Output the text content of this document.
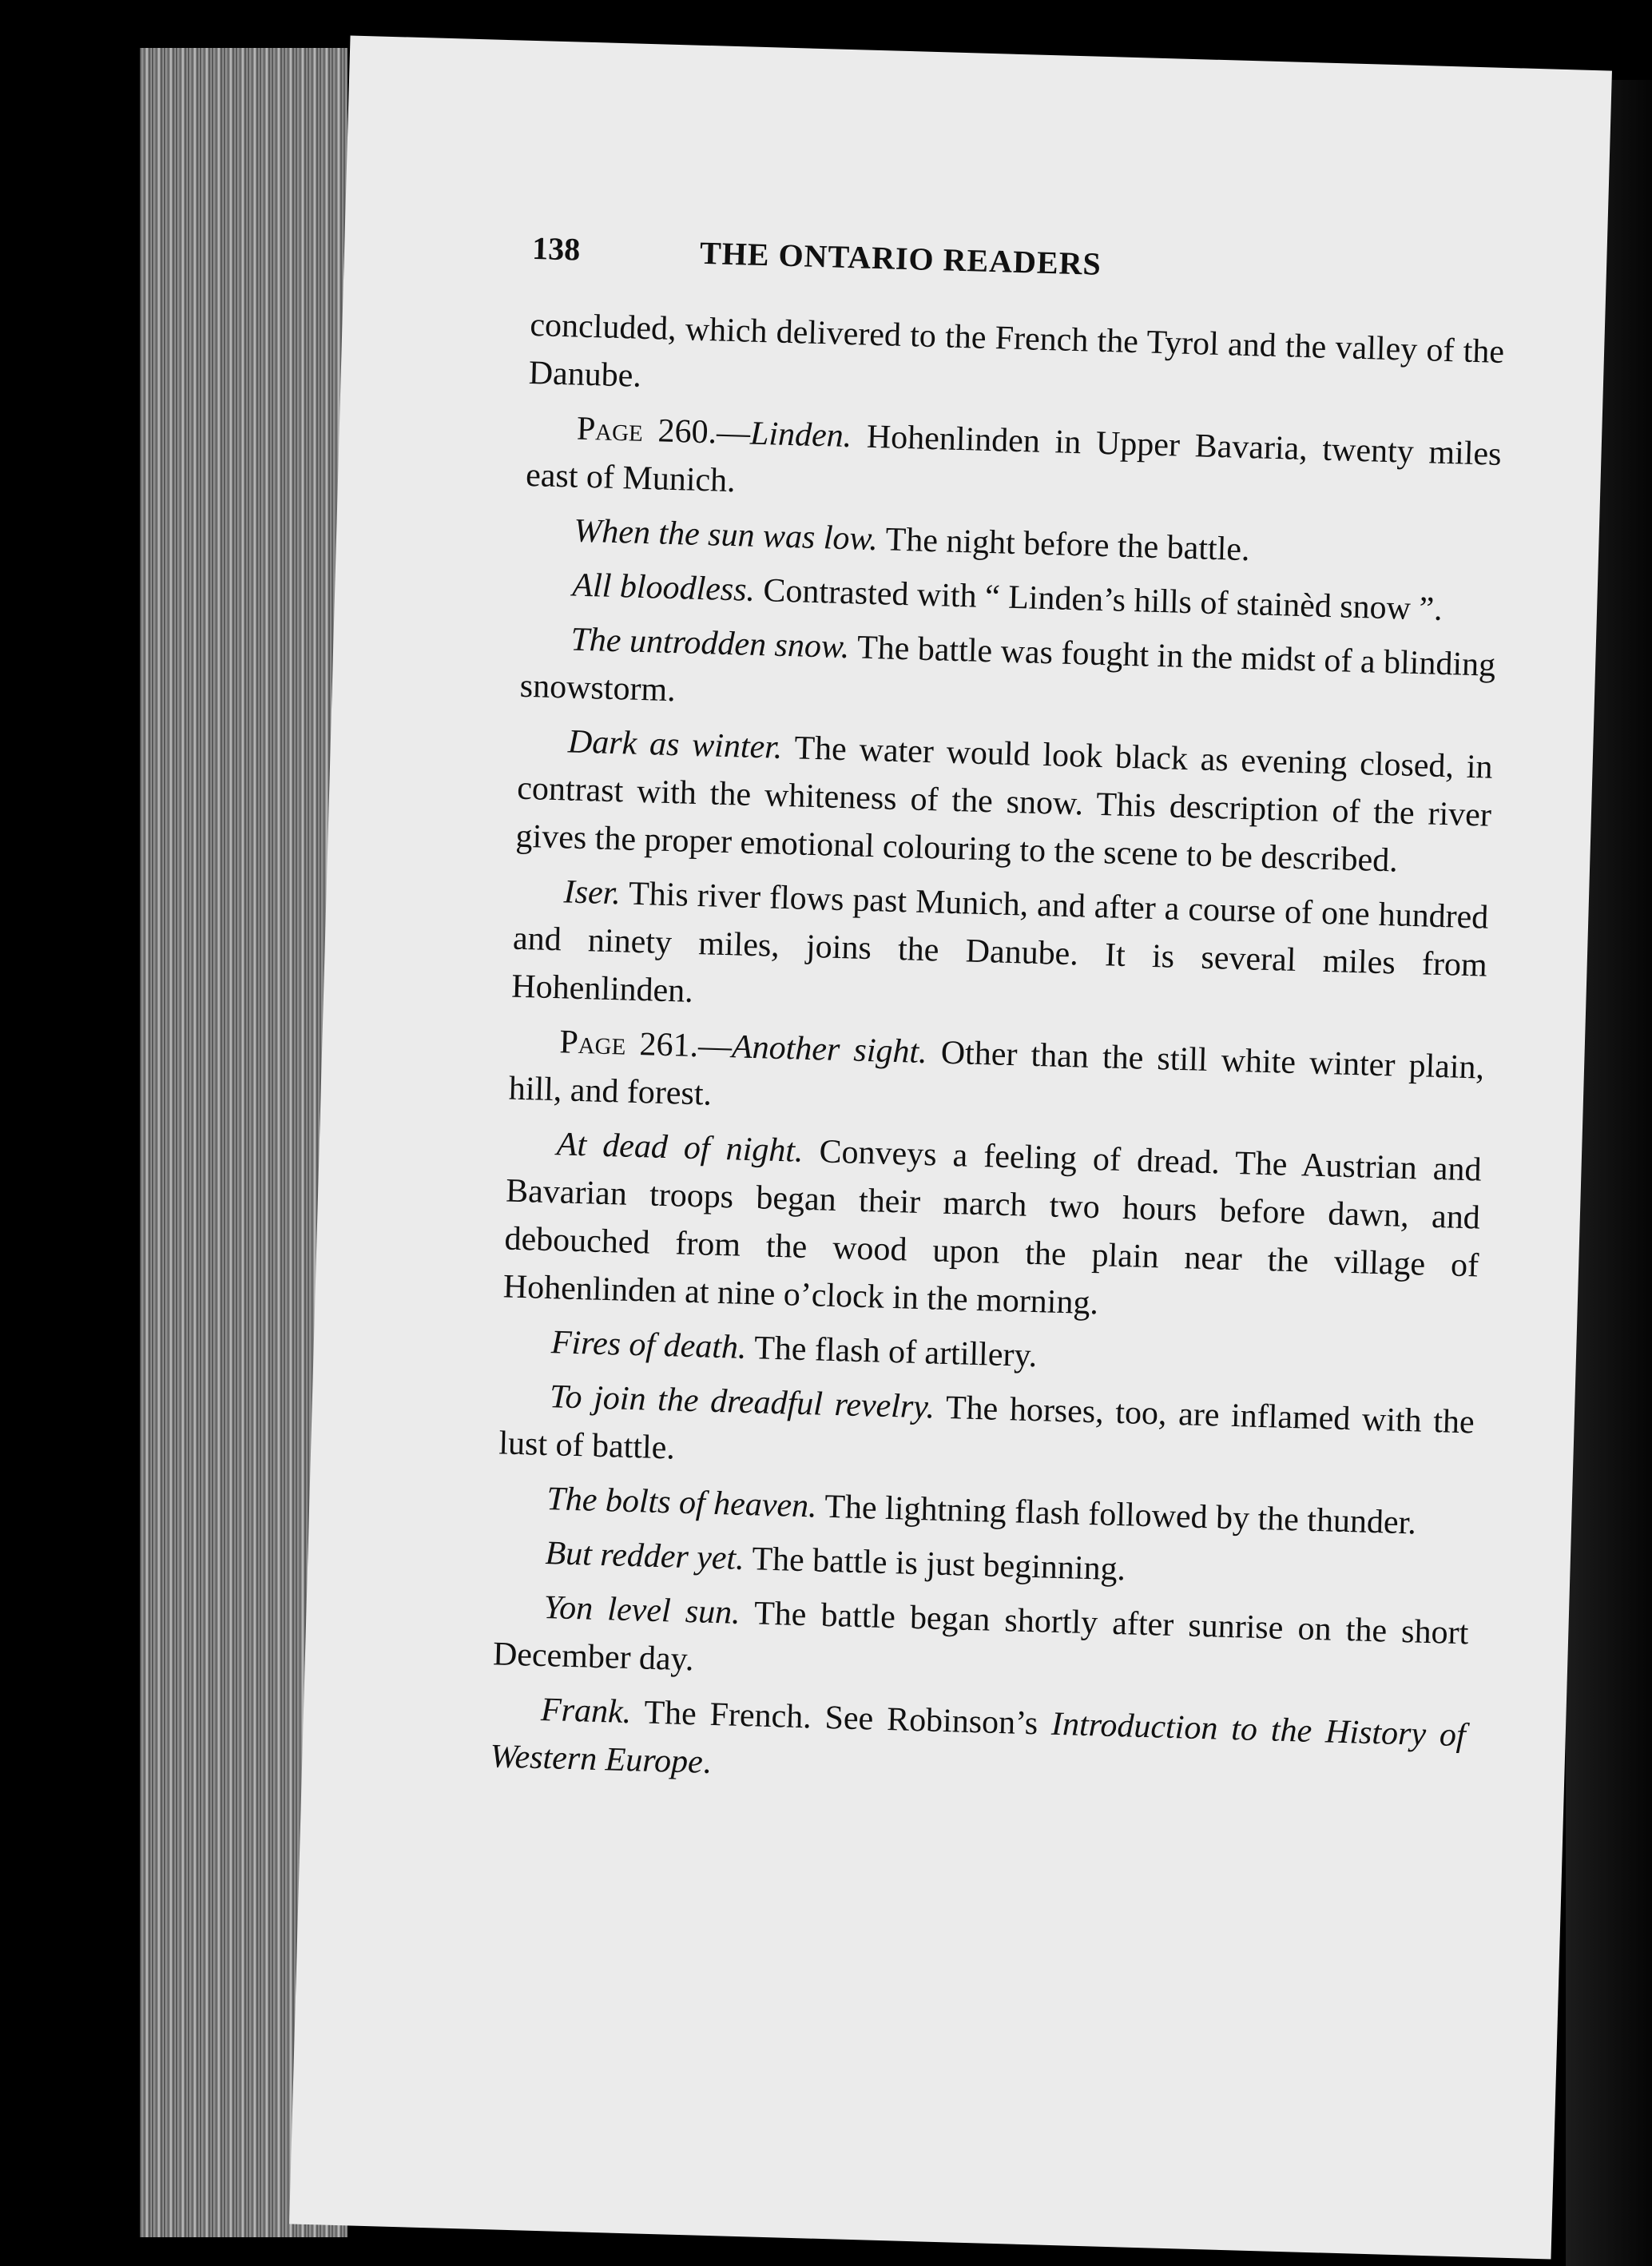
138	THE ONTARIO READERS

concluded, which delivered to the French the Tyrol and the valley of the Danube.

Page 260.—Linden. Hohenlinden in Upper Bavaria, twenty miles east of Munich.

When the sun was low. The night before the battle.

All bloodless. Contrasted with “ Linden’s hills of stainèd snow ”.

The untrodden snow. The battle was fought in the midst of a blinding snowstorm.

Dark as winter. The water would look black as evening closed, in contrast with the whiteness of the snow. This description of the river gives the proper emotional colouring to the scene to be described.

Iser. This river flows past Munich, and after a course of one hundred and ninety miles, joins the Danube. It is several miles from Hohenlinden.

Page 261.—Another sight. Other than the still white winter plain, hill, and forest.

At dead of night. Conveys a feeling of dread. The Austrian and Bavarian troops began their march two hours before dawn, and debouched from the wood upon the plain near the village of Hohenlinden at nine o’clock in the morning.

Fires of death. The flash of artillery.

To join the dreadful revelry. The horses, too, are inflamed with the lust of battle.

The bolts of heaven. The lightning flash followed by the thunder.

But redder yet. The battle is just beginning.

Yon level sun. The battle began shortly after sunrise on the short December day.

Frank. The French. See Robinson’s Introduction to the History of Western Europe.
